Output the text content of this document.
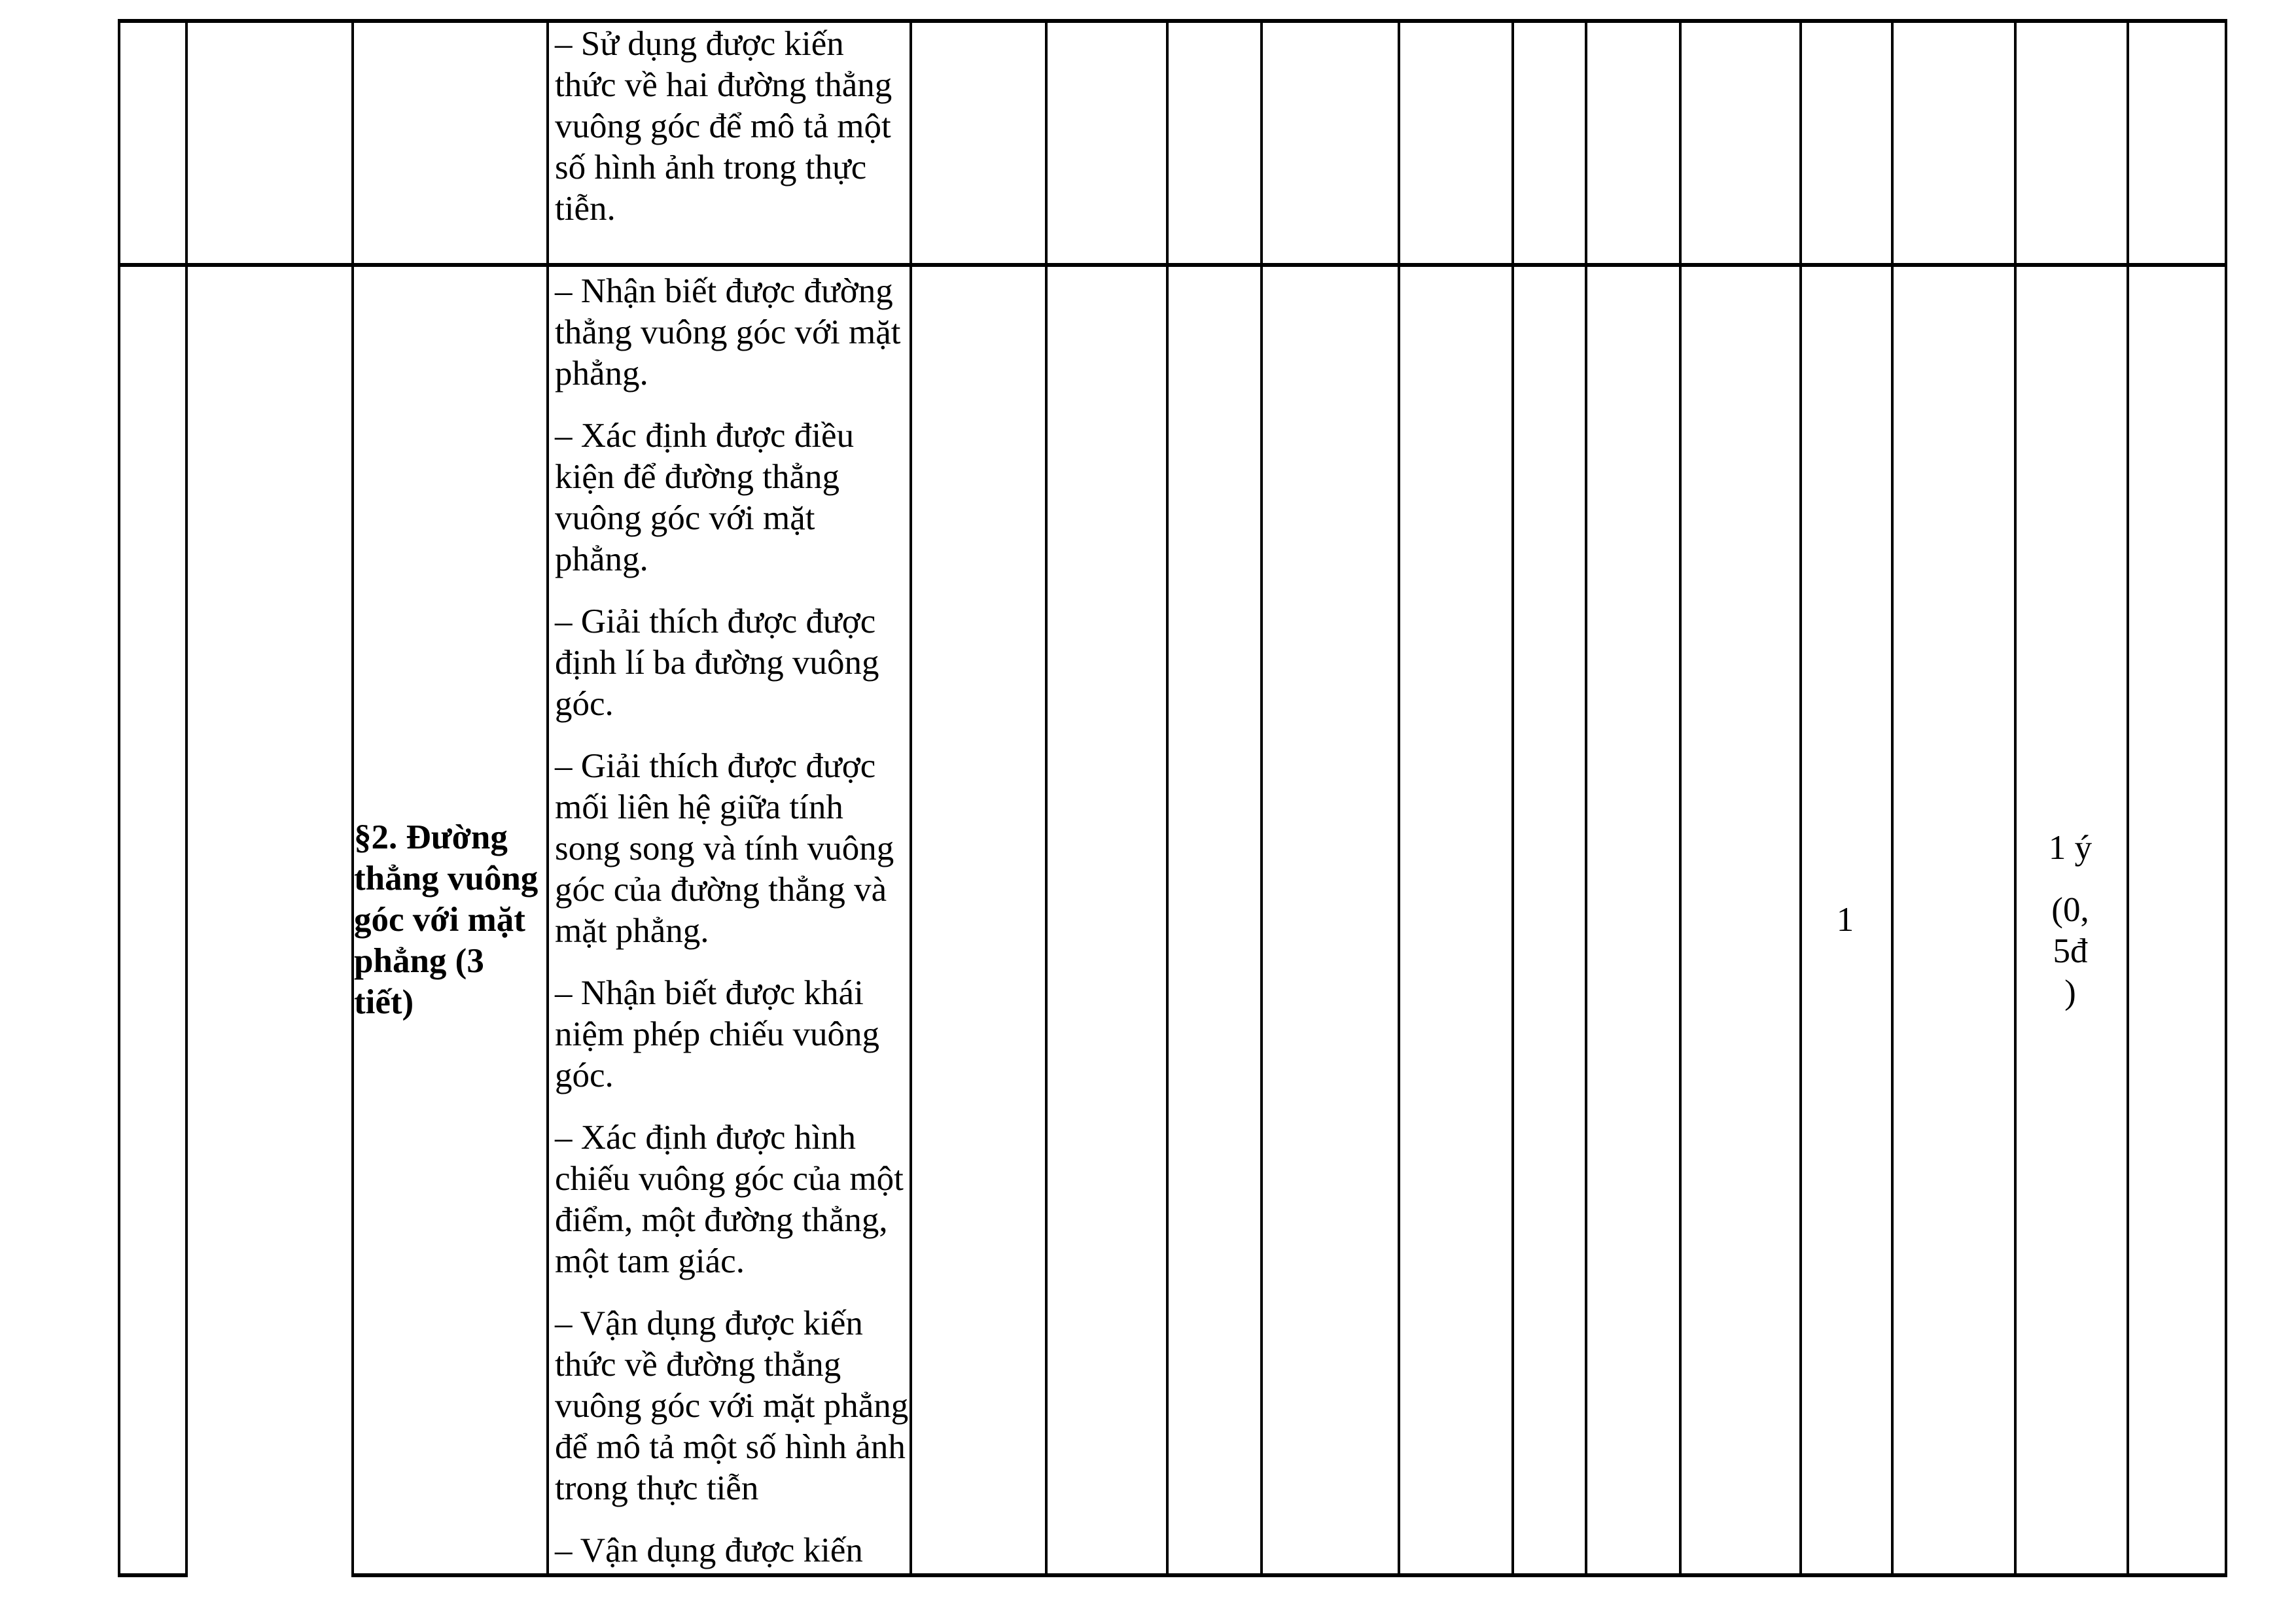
– Sử dụng được kiến
thức về hai đường thẳng
vuông góc để mô tả một
số hình ảnh trong thực
tiễn.
§2. Đường
thẳng vuông
góc với mặt
phẳng (3
tiết)
– Nhận biết được đường
thẳng vuông góc với mặt
phẳng.
– Xác định được điều
kiện để đường thẳng
vuông góc với mặt
phẳng.
– Giải thích được được
định lí ba đường vuông
góc.
– Giải thích được được
mối liên hệ giữa tính
song song và tính vuông
góc của đường thẳng và
mặt phẳng.
– Nhận biết được khái
niệm phép chiếu vuông
góc.
– Xác định được hình
chiếu vuông góc của một
điểm, một đường thẳng,
một tam giác.
– Vận dụng được kiến
thức về đường thẳng
vuông góc với mặt phẳng
để mô tả một số hình ảnh
trong thực tiễn
– Vận dụng được kiến
1
1 ý
(0,
5đ
)
